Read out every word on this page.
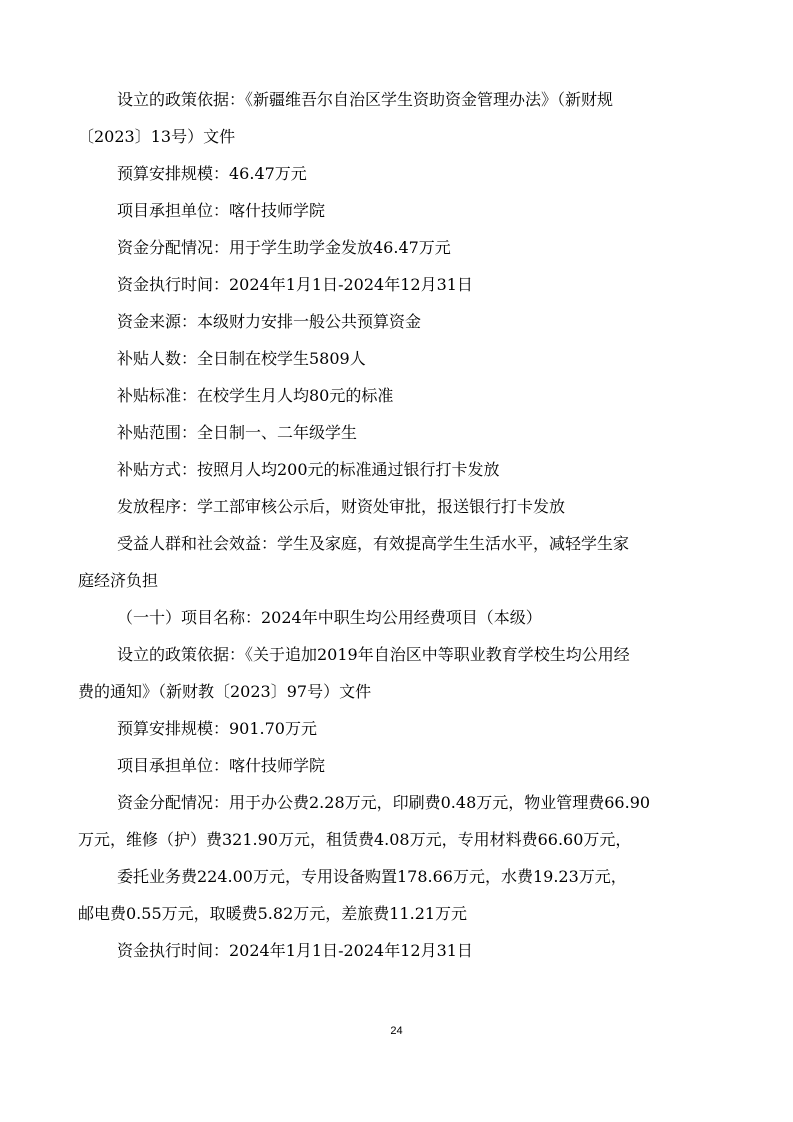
设立的政策依据：《新疆维吾尔自治区学生资助资金管理办法》（新财规
〔2023〕13号）文件
预算安排规模：46.47万元
项目承担单位：喀什技师学院
资金分配情况：用于学生助学金发放46.47万元
资金执行时间：2024年1月1日-2024年12月31日
资金来源：本级财力安排一般公共预算资金
补贴人数：全日制在校学生5809人
补贴标准：在校学生月人均80元的标准
补贴范围：全日制一、二年级学生
补贴方式：按照月人均200元的标准通过银行打卡发放
发放程序：学工部审核公示后，财资处审批，报送银行打卡发放
受益人群和社会效益：学生及家庭，有效提高学生生活水平，减轻学生家
庭经济负担
（一十）项目名称：2024年中职生均公用经费项目（本级）
设立的政策依据：《关于追加2019年自治区中等职业教育学校生均公用经
费的通知》（新财教〔2023〕97号）文件
预算安排规模：901.70万元
项目承担单位：喀什技师学院
资金分配情况：用于办公费2.28万元，印刷费0.48万元，物业管理费66.90
万元，维修（护）费321.90万元，租赁费4.08万元，专用材料费66.60万元，
委托业务费224.00万元，专用设备购置178.66万元，水费19.23万元，
邮电费0.55万元，取暖费5.82万元，差旅费11.21万元
资金执行时间：2024年1月1日-2024年12月31日
24
